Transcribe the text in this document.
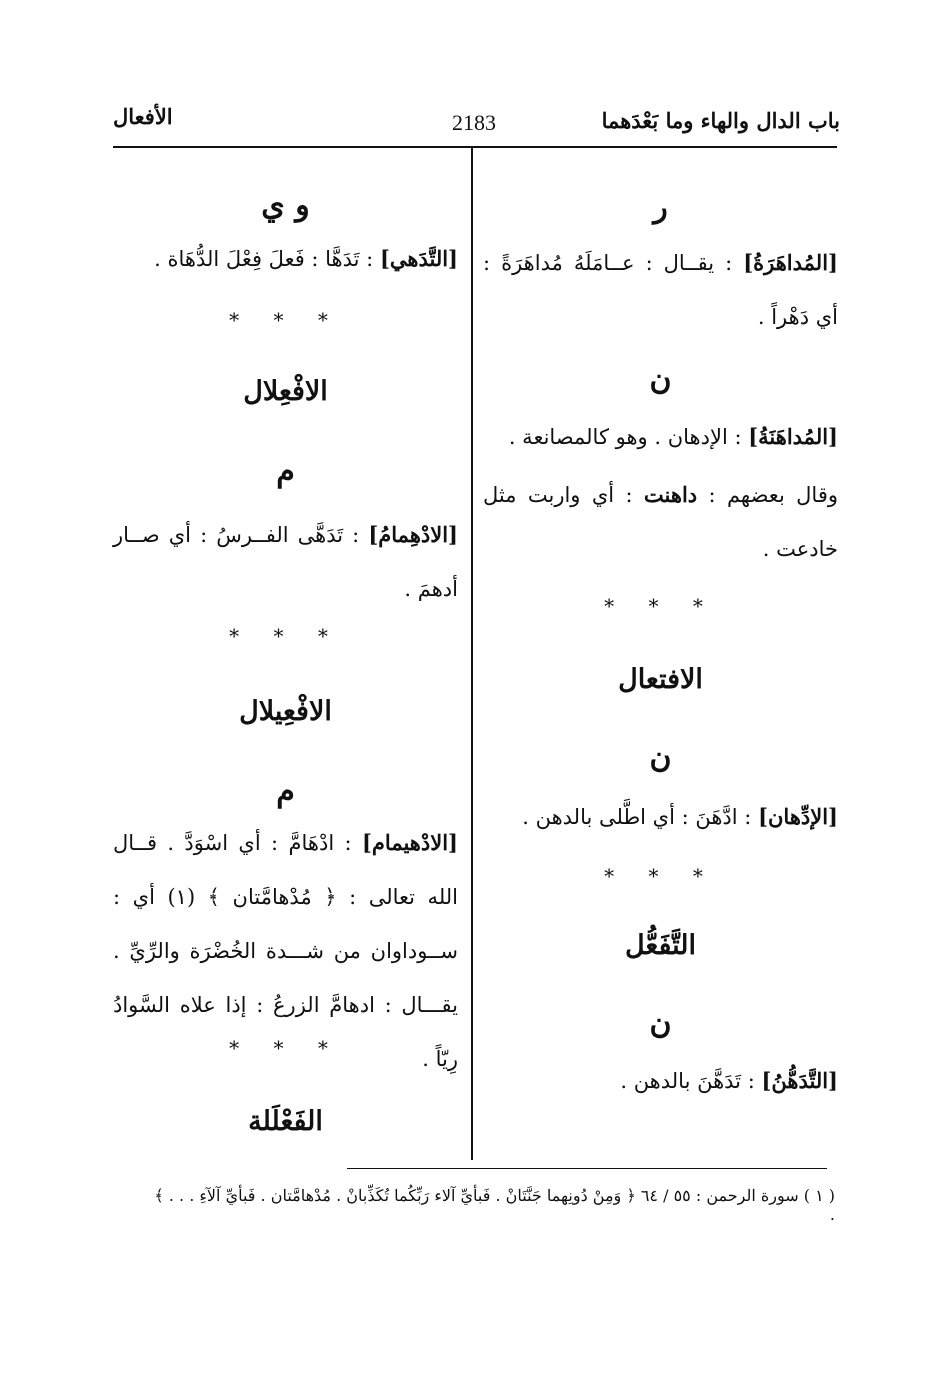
باب الدال والهاء وما بَعْدَهما
2183
الأفعال
ر
[المُداهَرَةُ] : يقــال : عــامَلَهُ مُداهَرَةً : أي دَهْراً .
ن
[المُداهَنَةُ] : الإدهان . وهو كالمصانعة .
وقال بعضهم : داهنت : أي واربت مثل خادعت .
* * *
الافتعال
ن
[الإدِّهان] : ادَّهَنَ : أي اطَّلى بالدهن .
* * *
التَّفَعُّل
ن
[التَّدَهُّنُ] : تَدَهَّنَ بالدهن .
و ي
[التَّدَهي] : تَدَهَّا : فَعلَ فِعْلَ الدُّهَاة .
* * *
الافْعِلال
م
[الادْهِمامُ] : تَدَهَّى الفــرسُ : أي صــار أدهمَ .
* * *
الافْعِيلال
م
[الادْهيمام] : ادْهَامَّ : أي اسْوَدَّ . قــال الله تعالى : ﴿ مُدْهامَّتان ﴾ (١) أي : ســوداوان من شـــدة الخُضْرَة والرِّيِّ . يقـــال : ادهامَّ الزرعُ : إذا علاه السَّوادُ رِيّاً .
* * *
الفَعْلَلة
( ١ ) سورة الرحمن : ٥٥ / ٦٤ ﴿ وَمِنْ دُونِهما جَنَّتَانْ . فَبأيِّ آلاء رَبِّكُما تُكَذِّبانْ . مُدْهامَّتان . فَبأيِّ آلآءِ . . . ﴾ .
